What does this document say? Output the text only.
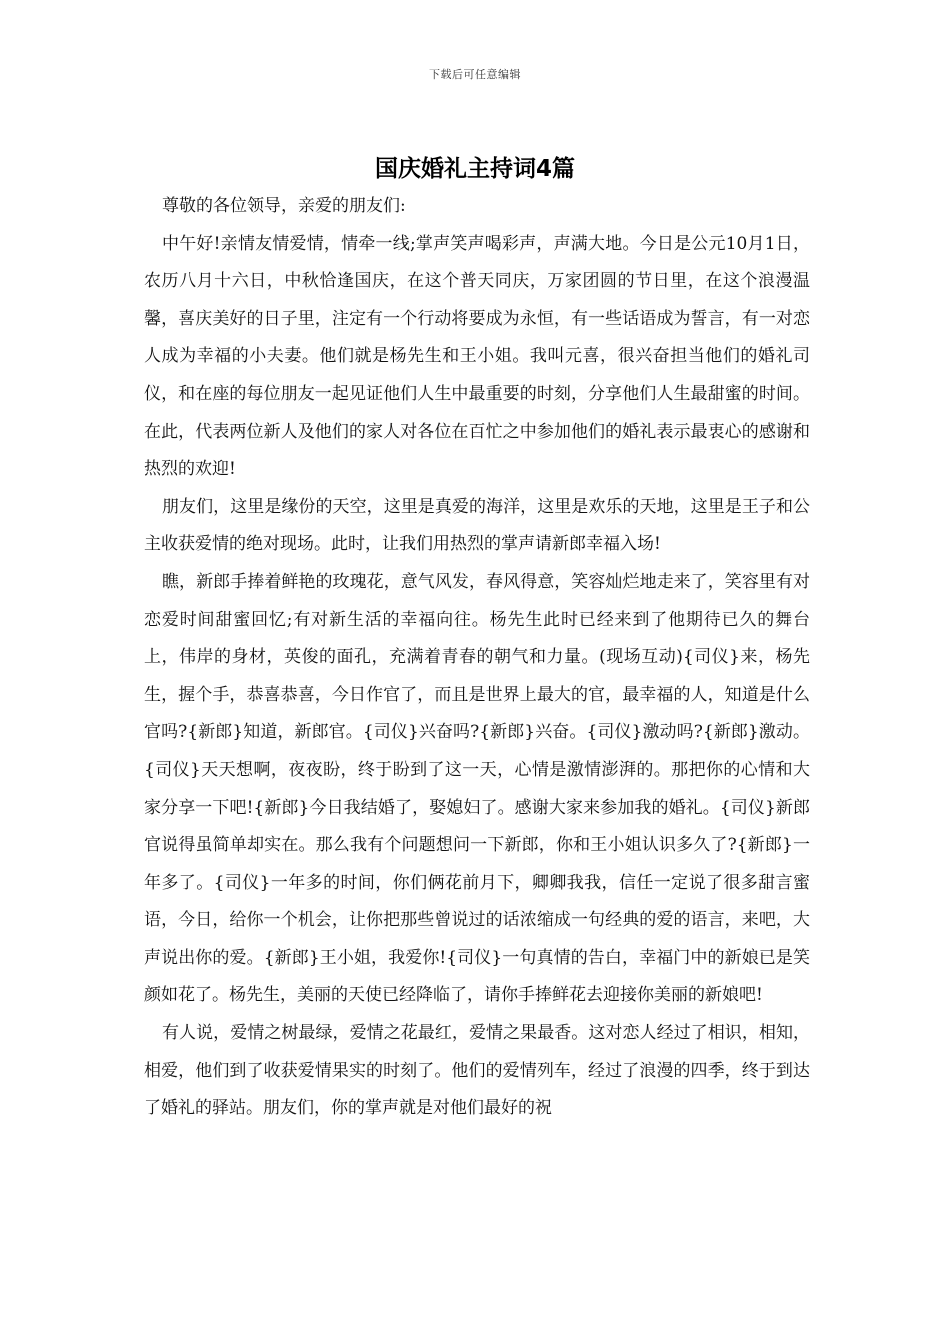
下载后可任意编辑
国庆婚礼主持词4篇

尊敬的各位领导，亲爱的朋友们:

中午好!亲情友情爱情，情牵一线;掌声笑声喝彩声，声满大地。今日是公元10月1日，农历八月十六日，中秋恰逢国庆，在这个普天同庆，万家团圆的节日里，在这个浪漫温馨，喜庆美好的日子里，注定有一个行动将要成为永恒，有一些话语成为誓言，有一对恋人成为幸福的小夫妻。他们就是杨先生和王小姐。我叫元喜，很兴奋担当他们的婚礼司仪，和在座的每位朋友一起见证他们人生中最重要的时刻，分享他们人生最甜蜜的时间。在此，代表两位新人及他们的家人对各位在百忙之中参加他们的婚礼表示最衷心的感谢和热烈的欢迎!

朋友们，这里是缘份的天空，这里是真爱的海洋，这里是欢乐的天地，这里是王子和公主收获爱情的绝对现场。此时，让我们用热烈的掌声请新郎幸福入场!

瞧，新郎手捧着鲜艳的玫瑰花，意气风发，春风得意，笑容灿烂地走来了，笑容里有对恋爱时间甜蜜回忆;有对新生活的幸福向往。杨先生此时已经来到了他期待已久的舞台上，伟岸的身材，英俊的面孔，充满着青春的朝气和力量。(现场互动){司仪}来，杨先生，握个手，恭喜恭喜，今日作官了，而且是世界上最大的官，最幸福的人，知道是什么官吗?{新郎}知道，新郎官。{司仪}兴奋吗?{新郎}兴奋。{司仪}激动吗?{新郎}激动。{司仪}天天想啊，夜夜盼，终于盼到了这一天，心情是激情澎湃的。那把你的心情和大家分享一下吧!{新郎}今日我结婚了，娶媳妇了。感谢大家来参加我的婚礼。{司仪}新郎官说得虽简单却实在。那么我有个问题想问一下新郎，你和王小姐认识多久了?{新郎}一年多了。{司仪}一年多的时间，你们俩花前月下，卿卿我我，信任一定说了很多甜言蜜语，今日，给你一个机会，让你把那些曾说过的话浓缩成一句经典的爱的语言，来吧，大声说出你的爱。{新郎}王小姐，我爱你!{司仪}一句真情的告白，幸福门中的新娘已是笑颜如花了。杨先生，美丽的天使已经降临了，请你手捧鲜花去迎接你美丽的新娘吧!

有人说，爱情之树最绿，爱情之花最红，爱情之果最香。这对恋人经过了相识，相知，相爱，他们到了收获爱情果实的时刻了。他们的爱情列车，经过了浪漫的四季，终于到达了婚礼的驿站。朋友们，你的掌声就是对他们最好的祝
